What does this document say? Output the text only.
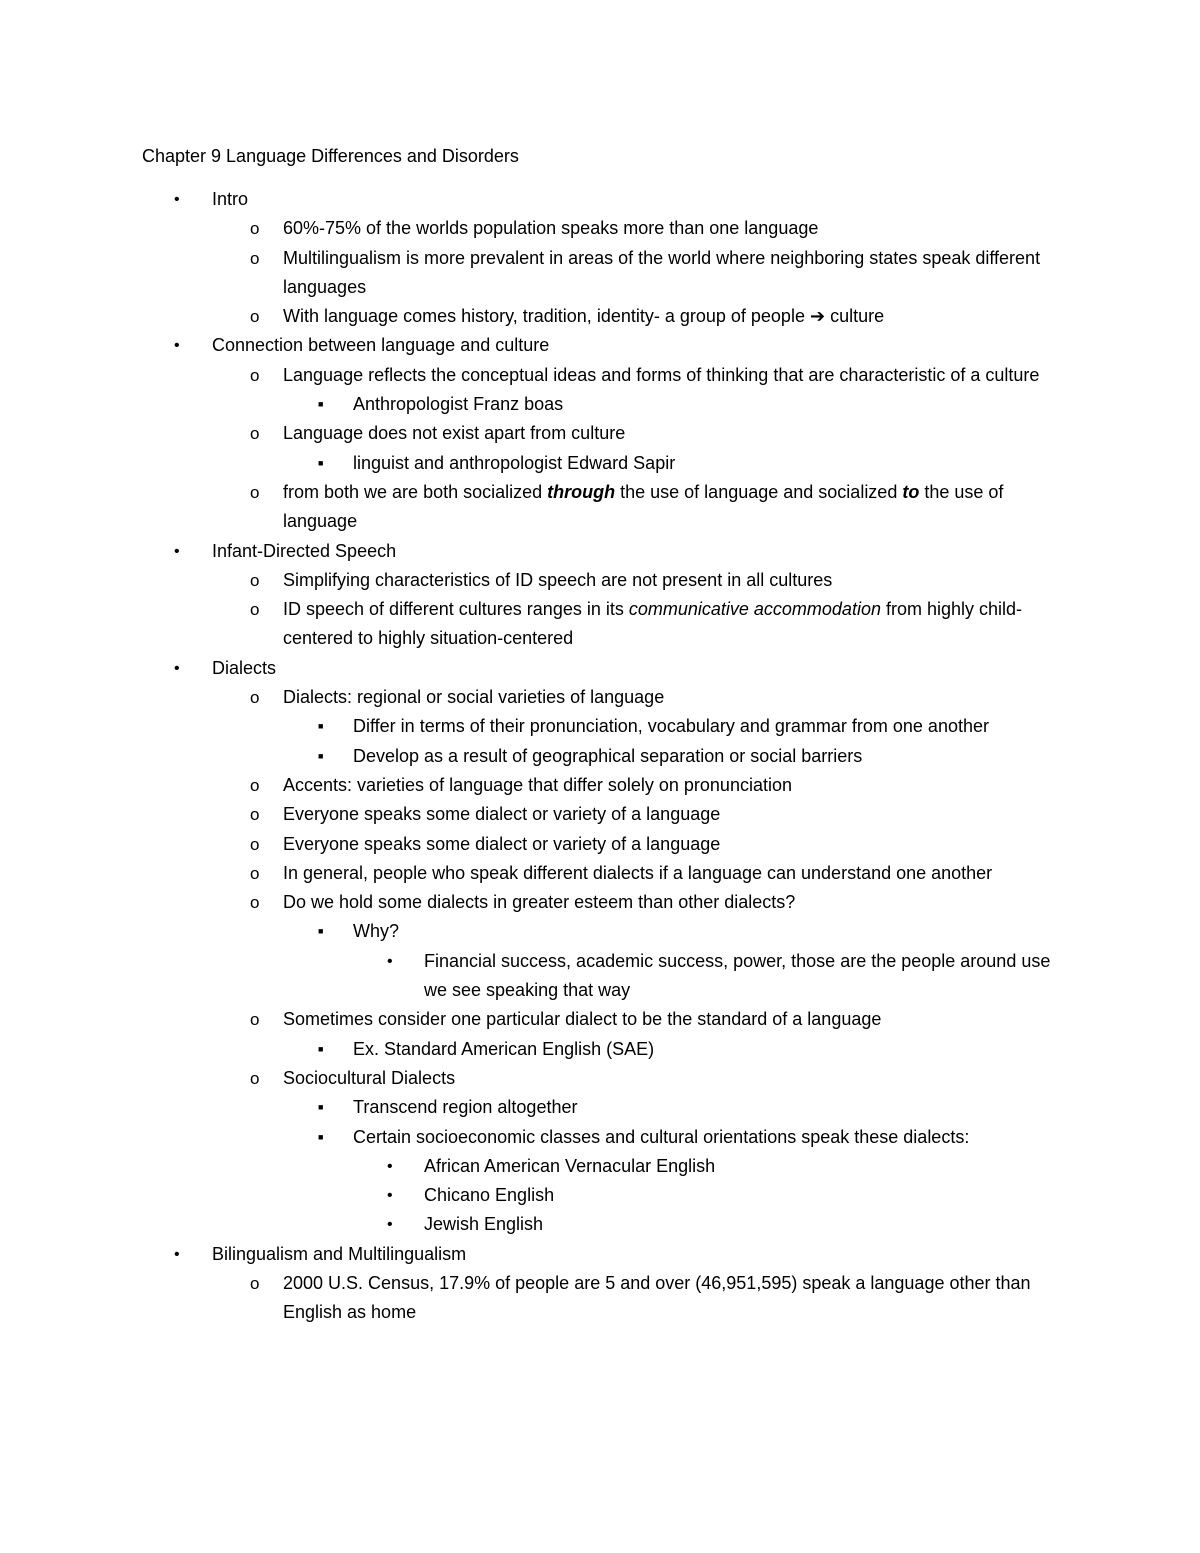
Chapter 9 Language Differences and Disorders
• Intro
o 60%-75% of the worlds population speaks more than one language
o Multilingualism is more prevalent in areas of the world where neighboring states speak different languages
o With language comes history, tradition, identity- a group of people ➔ culture
• Connection between language and culture
o Language reflects the conceptual ideas and forms of thinking that are characteristic of a culture
■ Anthropologist Franz boas
o Language does not exist apart from culture
■ linguist and anthropologist Edward Sapir
o from both we are both socialized through the use of language and socialized to the use of language
• Infant-Directed Speech
o Simplifying characteristics of ID speech are not present in all cultures
o ID speech of different cultures ranges in its communicative accommodation from highly child-centered to highly situation-centered
• Dialects
o Dialects: regional or social varieties of language
■ Differ in terms of their pronunciation, vocabulary and grammar from one another
■ Develop as a result of geographical separation or social barriers
o Accents: varieties of language that differ solely on pronunciation
o Everyone speaks some dialect or variety of a language
o Everyone speaks some dialect or variety of a language
o In general, people who speak different dialects if a language can understand one another
o Do we hold some dialects in greater esteem than other dialects?
■ Why?
• Financial success, academic success, power, those are the people around use we see speaking that way
o Sometimes consider one particular dialect to be the standard of a language
■ Ex. Standard American English (SAE)
o Sociocultural Dialects
■ Transcend region altogether
■ Certain socioeconomic classes and cultural orientations speak these dialects:
• African American Vernacular English
• Chicano English
• Jewish English
• Bilingualism and Multilingualism
o 2000 U.S. Census, 17.9% of people are 5 and over (46,951,595) speak a language other than English as home
